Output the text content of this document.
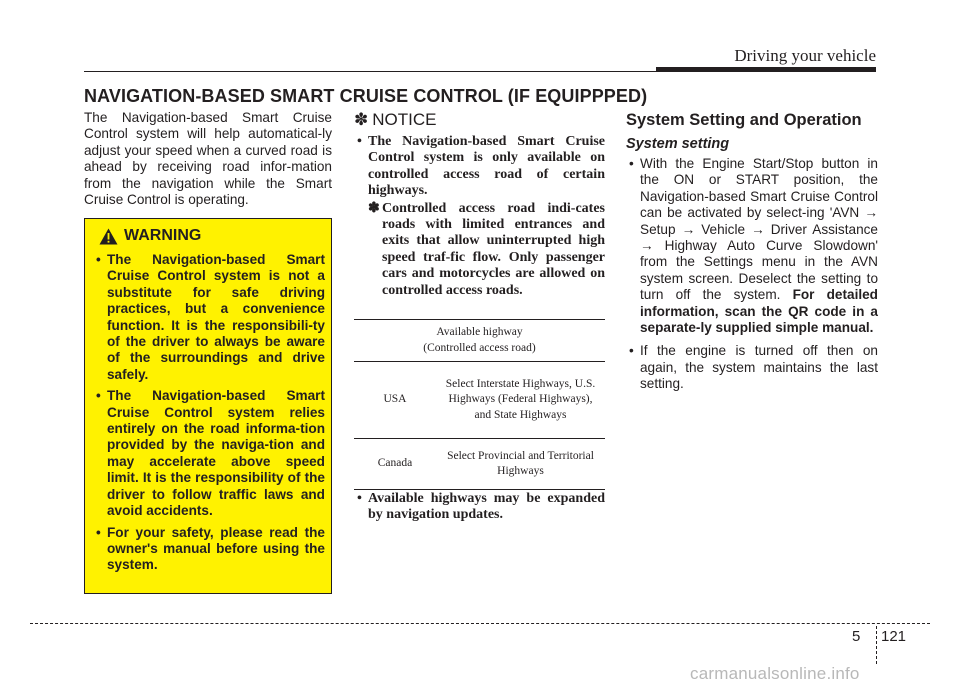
Driving your vehicle
NAVIGATION-BASED SMART CRUISE CONTROL (IF EQUIPPPED)
The Navigation-based Smart Cruise Control system will help automatical-ly adjust your speed when a curved road is ahead by receiving road infor-mation from the navigation while the Smart Cruise Control is operating.
WARNING
• The Navigation-based Smart Cruise Control system is not a substitute for safe driving practices, but a convenience function. It is the responsibili-ty of the driver to always be aware of the surroundings and drive safely.
• The Navigation-based Smart Cruise Control system relies entirely on the road informa-tion provided by the naviga-tion and may accelerate above speed limit. It is the responsibility of the driver to follow traffic laws and avoid accidents.
• For your safety, please read the owner's manual before using the system.
✽ NOTICE
• The Navigation-based Smart Cruise Control system is only available on controlled access road of certain highways.
✽ Controlled access road indi-cates roads with limited entrances and exits that allow uninterrupted high speed traf-fic flow. Only passenger cars and motorcycles are allowed on controlled access roads.
Available highway
(Controlled access road)	

USA	Select Interstate Highways, U.S. Highways (Federal Highways), and State Highways
Canada	Select Provincial and Territorial Highways
• Available highways may be expanded by navigation updates.
System Setting and Operation
System setting
• With the Engine Start/Stop button in the ON or START position, the Navigation-based Smart Cruise Control can be activated by select-ing 'AVN → Setup → Vehicle → Driver Assistance → Highway Auto Curve Slowdown' from the Settings menu in the AVN system screen. Deselect the setting to turn off the system. For detailed information, scan the QR code in a separate-ly supplied simple manual.
• If the engine is turned off then on again, the system maintains the last setting.
5 121
carmanualsonline.info
